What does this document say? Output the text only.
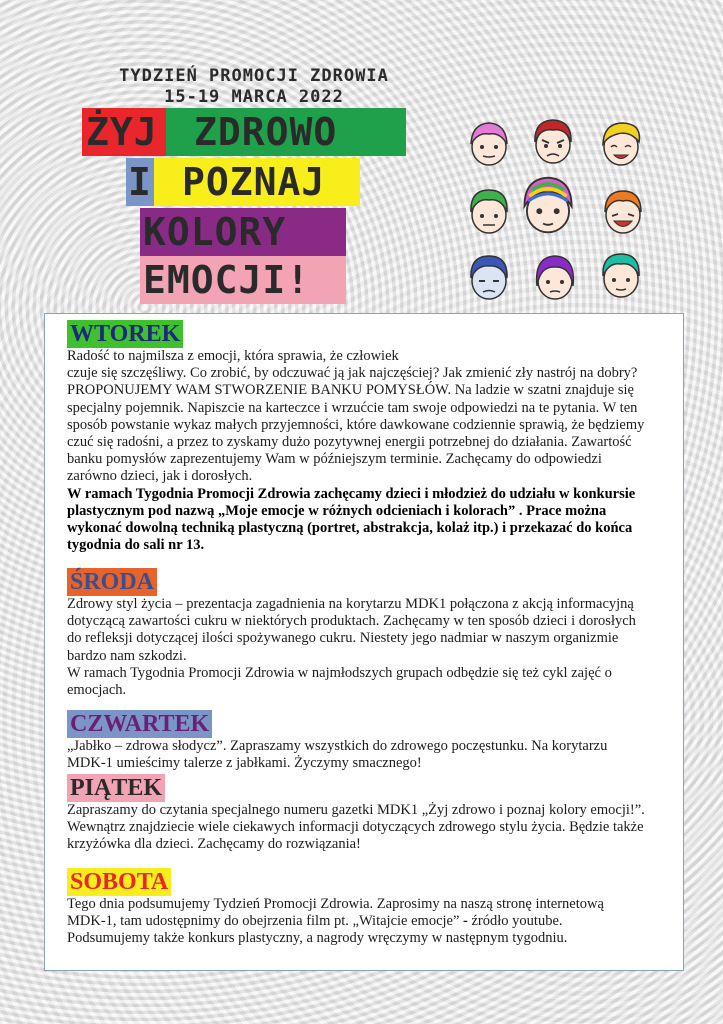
TYDZIEŃ PROMOCJI ZDROWIA

15-19 MARCA 2022

ŻYJ ZDROWO
I POZNAJ
KOLORY
EMOCJI!
WTOREK

Radość to najmilsza z emocji, która sprawia, że człowiek

czuje się szczęśliwy. Co zrobić, by odczuwać ją jak najczęściej? Jak zmienić zły nastrój na dobry?

PROPONUJEMY WAM STWORZENIE BANKU POMYSŁÓW. Na ladzie w szatni znajduje się

specjalny pojemnik. Napiszcie na karteczce i wrzućcie tam swoje odpowiedzi na te pytania. W ten

sposób powstanie wykaz małych przyjemności, które dawkowane codziennie sprawią, że będziemy

czuć się radośni, a przez to zyskamy dużo pozytywnej energii potrzebnej do działania. Zawartość

banku pomysłów zaprezentujemy Wam w późniejszym terminie. Zachęcamy do odpowiedzi

zarówno dzieci, jak i dorosłych.

W ramach Tygodnia Promocji Zdrowia zachęcamy dzieci i młodzież do udziału w konkursie

plastycznym pod nazwą „Moje emocje w różnych odcieniach i kolorach” . Prace można

wykonać dowolną techniką plastyczną (portret, abstrakcja, kolaż itp.) i przekazać do końca

tygodnia do sali nr 13.

ŚRODA

Zdrowy styl życia – prezentacja zagadnienia na korytarzu MDK1 połączona z akcją informacyjną

dotyczącą zawartości cukru w niektórych produktach. Zachęcamy w ten sposób dzieci i dorosłych

do refleksji dotyczącej ilości spożywanego cukru. Niestety jego nadmiar w naszym organizmie

bardzo nam szkodzi.

W ramach Tygodnia Promocji Zdrowia w najmłodszych grupach odbędzie się też cykl zajęć o

emocjach.

CZWARTEK

„Jabłko – zdrowa słodycz”. Zapraszamy wszystkich do zdrowego poczęstunku. Na korytarzu

MDK-1 umieścimy talerze z jabłkami. Życzymy smacznego!

PIĄTEK

Zapraszamy do czytania specjalnego numeru gazetki MDK1 „Żyj zdrowo i poznaj kolory emocji!”.

Wewnątrz znajdziecie wiele ciekawych informacji dotyczących zdrowego stylu życia. Będzie także

krzyżówka dla dzieci. Zachęcamy do rozwiązania!

SOBOTA

Tego dnia podsumujemy Tydzień Promocji Zdrowia. Zaprosimy na naszą stronę internetową

MDK-1, tam udostępnimy do obejrzenia film pt. „Witajcie emocje” - źródło youtube.

Podsumujemy także konkurs plastyczny, a nagrody wręczymy w następnym tygodniu.
